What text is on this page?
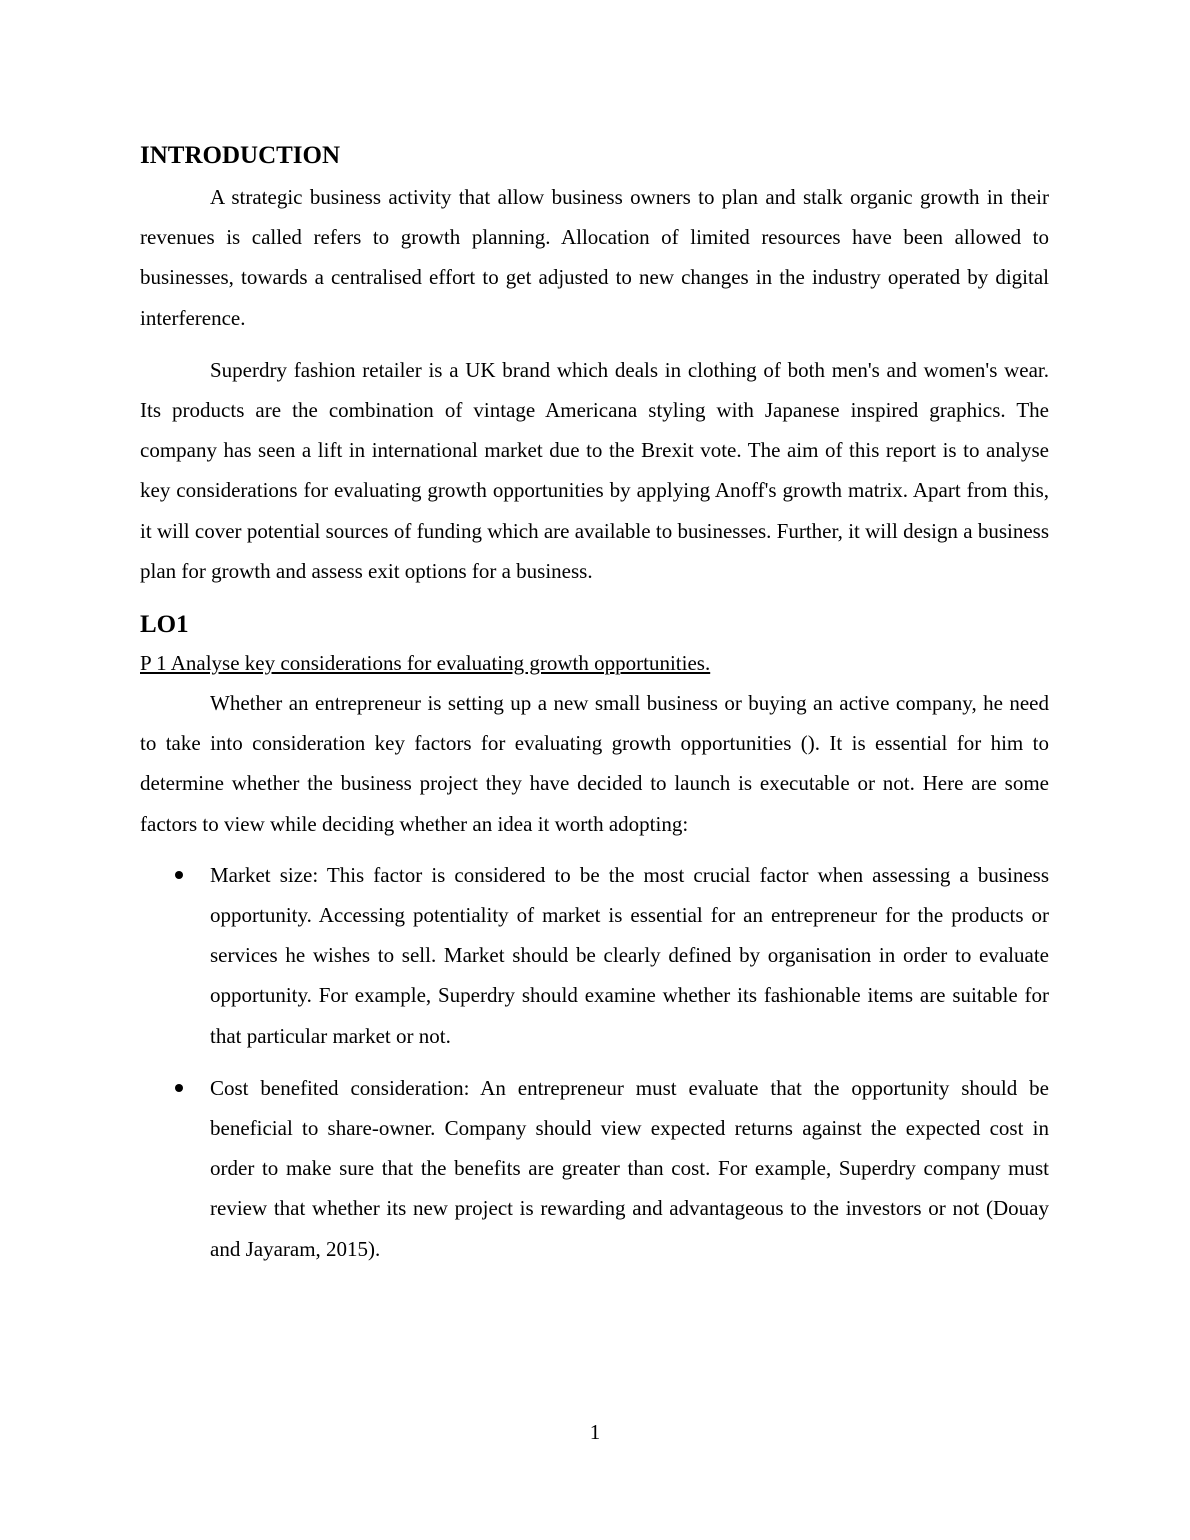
INTRODUCTION

A strategic business activity that allow business owners to plan and stalk organic growth in their revenues is called refers to growth planning. Allocation of limited resources have been allowed to businesses, towards a centralised effort to get adjusted to new changes in the industry operated by digital interference.

Superdry fashion retailer is a UK brand which deals in clothing of both men's and women's wear. Its products are the combination of vintage Americana styling with Japanese inspired graphics. The company has seen a lift in international market due to the Brexit vote. The aim of this report is to analyse key considerations for evaluating growth opportunities by applying Anoff's growth matrix. Apart from this, it will cover potential sources of funding which are available to businesses. Further, it will design a business plan for growth and assess exit options for a business.

LO1
P 1 Analyse key considerations for evaluating growth opportunities.

Whether an entrepreneur is setting up a new small business or buying an active company, he need to take into consideration key factors for evaluating growth opportunities (). It is essential for him to determine whether the business project they have decided to launch is executable or not. Here are some factors to view while deciding whether an idea it worth adopting:

Market size: This factor is considered to be the most crucial factor when assessing a business opportunity. Accessing potentiality of market is essential for an entrepreneur for the products or services he wishes to sell. Market should be clearly defined by organisation in order to evaluate opportunity. For example, Superdry should examine whether its fashionable items are suitable for that particular market or not.
Cost benefited consideration: An entrepreneur must evaluate that the opportunity should be beneficial to share-owner. Company should view expected returns against the expected cost in order to make sure that the benefits are greater than cost. For example, Superdry company must review that whether its new project is rewarding and advantageous to the investors or not (Douay and Jayaram, 2015).
1
